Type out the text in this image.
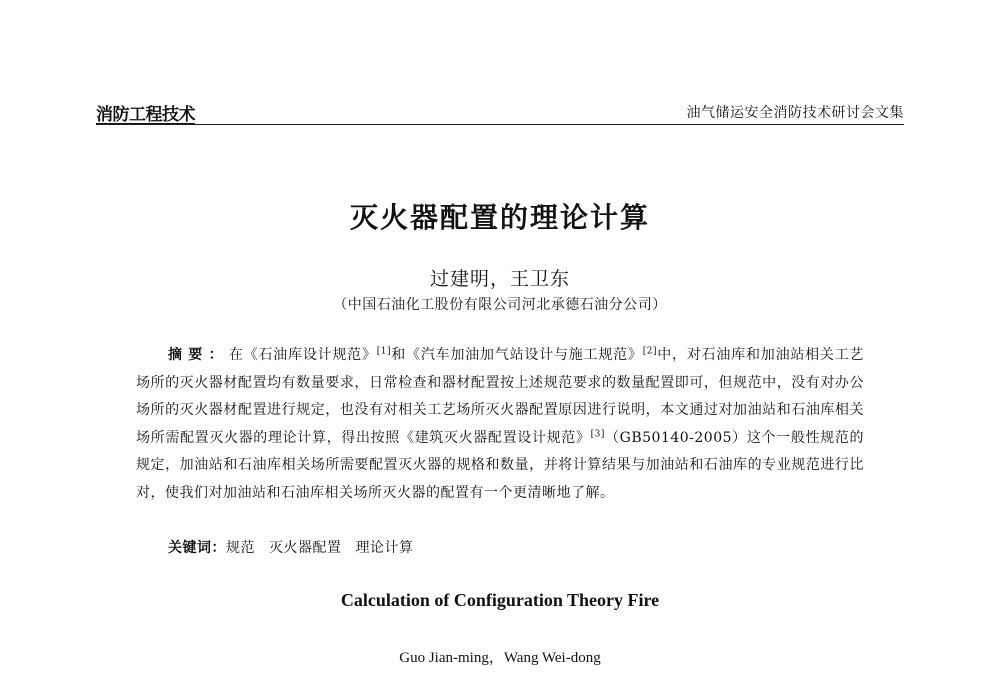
消防工程技术	油气储运安全消防技术研讨会文集
灭火器配置的理论计算
过建明，王卫东
（中国石油化工股份有限公司河北承德石油分公司）
摘要：在《石油库设计规范》[1]和《汽车加油加气站设计与施工规范》[2]中，对石油库和加油站相关工艺场所的灭火器材配置均有数量要求，日常检查和器材配置按上述规范要求的数量配置即可，但规范中，没有对办公场所的灭火器材配置进行规定，也没有对相关工艺场所灭火器配置原因进行说明，本文通过对加油站和石油库相关场所需配置灭火器的理论计算，得出按照《建筑灭火器配置设计规范》[3]（GB50140-2005）这个一般性规范的规定，加油站和石油库相关场所需要配置灭火器的规格和数量，并将计算结果与加油站和石油库的专业规范进行比对，使我们对加油站和石油库相关场所灭火器的配置有一个更清晰地了解。
关键词：规范 灭火器配置 理论计算
Calculation of Configuration Theory Fire
Guo Jian-ming，Wang Wei-dong
